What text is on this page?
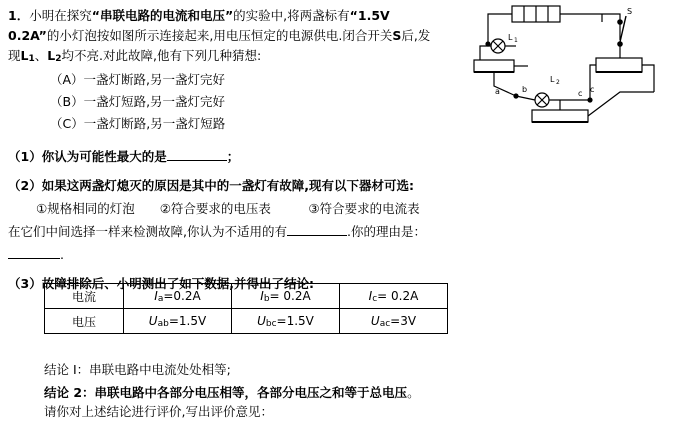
1．小明在探究“串联电路的电流和电压”的实验中,将两盏标有“1.5V
0.2A”的小灯泡按如图所示连接起来,用电压恒定的电源供电.闭合开关S后,发
现L1、L2均不亮.对此故障,他有下列几种猜想:
（A）一盏灯断路,另一盏灯完好
（B）一盏灯短路,另一盏灯完好
（C）一盏灯断路,另一盏灯短路
（1）你认为可能性最大的是	；
（2）如果这两盏灯熄灭的原因是其中的一盏灯有故障,现有以下器材可选:
①规格相同的灯泡　　②符合要求的电压表　　　③符合要求的电流表
在它们中间选择一样来检测故障,你认为不适用的有	.你的理由是：.
（3）故障排除后、小明测出了如下数据,并得出了结论:
电流	Ia=0.2A	Ib= 0.2A	Ic= 0.2A
电压	Uab=1.5V	Ubc=1.5V	Uac=3V
结论 I：串联电路中电流处处相等;
结论 2：串联电路中各部分电压相等，各部分电压之和等于总电压。
请你对上述结论进行评价,写出评价意见：
L 1
L 2
S
a	b	c
c
